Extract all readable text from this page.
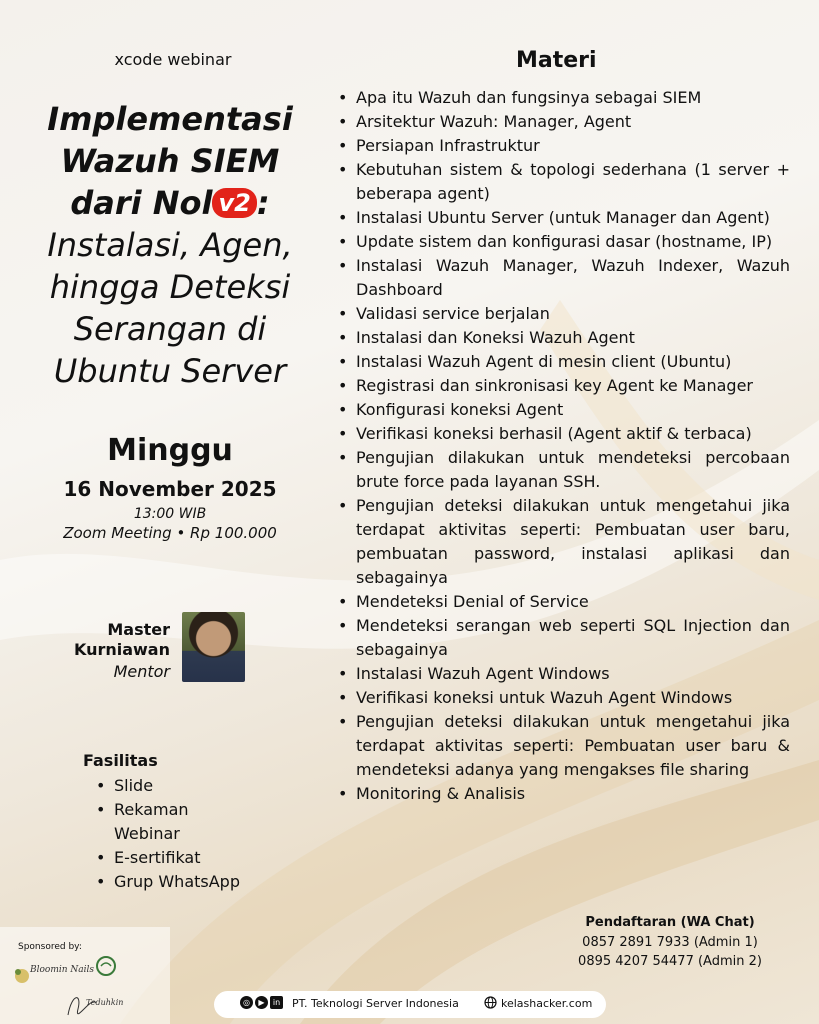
xcode webinar
Implementasi
Wazuh SIEM
dari Nol v2 :
Instalasi, Agen,
hingga Deteksi
Serangan di
Ubuntu Server
Minggu
16 November 2025
13:00 WIB
Zoom Meeting • Rp 100.000
Master
Kurniawan
Mentor
Fasilitas
• Slide
• Rekaman Webinar
• E-sertifikat
• Grup WhatsApp
Sponsored by:
Bloomin Nails
Teduhkin
Materi
• Apa itu Wazuh dan fungsinya sebagai SIEM
• Arsitektur Wazuh: Manager, Agent
• Persiapan Infrastruktur
• Kebutuhan sistem & topologi sederhana (1 server + beberapa agent)
• Instalasi Ubuntu Server (untuk Manager dan Agent)
• Update sistem dan konfigurasi dasar (hostname, IP)
• Instalasi Wazuh Manager, Wazuh Indexer, Wazuh Dashboard
• Validasi service berjalan
• Instalasi dan Koneksi Wazuh Agent
• Instalasi Wazuh Agent di mesin client (Ubuntu)
• Registrasi dan sinkronisasi key Agent ke Manager
• Konfigurasi koneksi Agent
• Verifikasi koneksi berhasil (Agent aktif & terbaca)
• Pengujian dilakukan untuk mendeteksi percobaan brute force pada layanan SSH.
• Pengujian deteksi dilakukan untuk mengetahui jika terdapat aktivitas seperti: Pembuatan user baru, pembuatan password, instalasi aplikasi dan sebagainya
• Mendeteksi Denial of Service
• Mendeteksi serangan web seperti SQL Injection dan sebagainya
• Instalasi Wazuh Agent Windows
• Verifikasi koneksi untuk Wazuh Agent Windows
• Pengujian deteksi dilakukan untuk mengetahui jika terdapat aktivitas seperti: Pembuatan user baru & mendeteksi adanya yang mengakses file sharing
• Monitoring & Analisis
Pendaftaran (WA Chat)
0857 2891 7933 (Admin 1)
0895 4207 54477 (Admin 2)
◎	▶	in PT. Teknologi Server Indonesia	kelashacker.com
